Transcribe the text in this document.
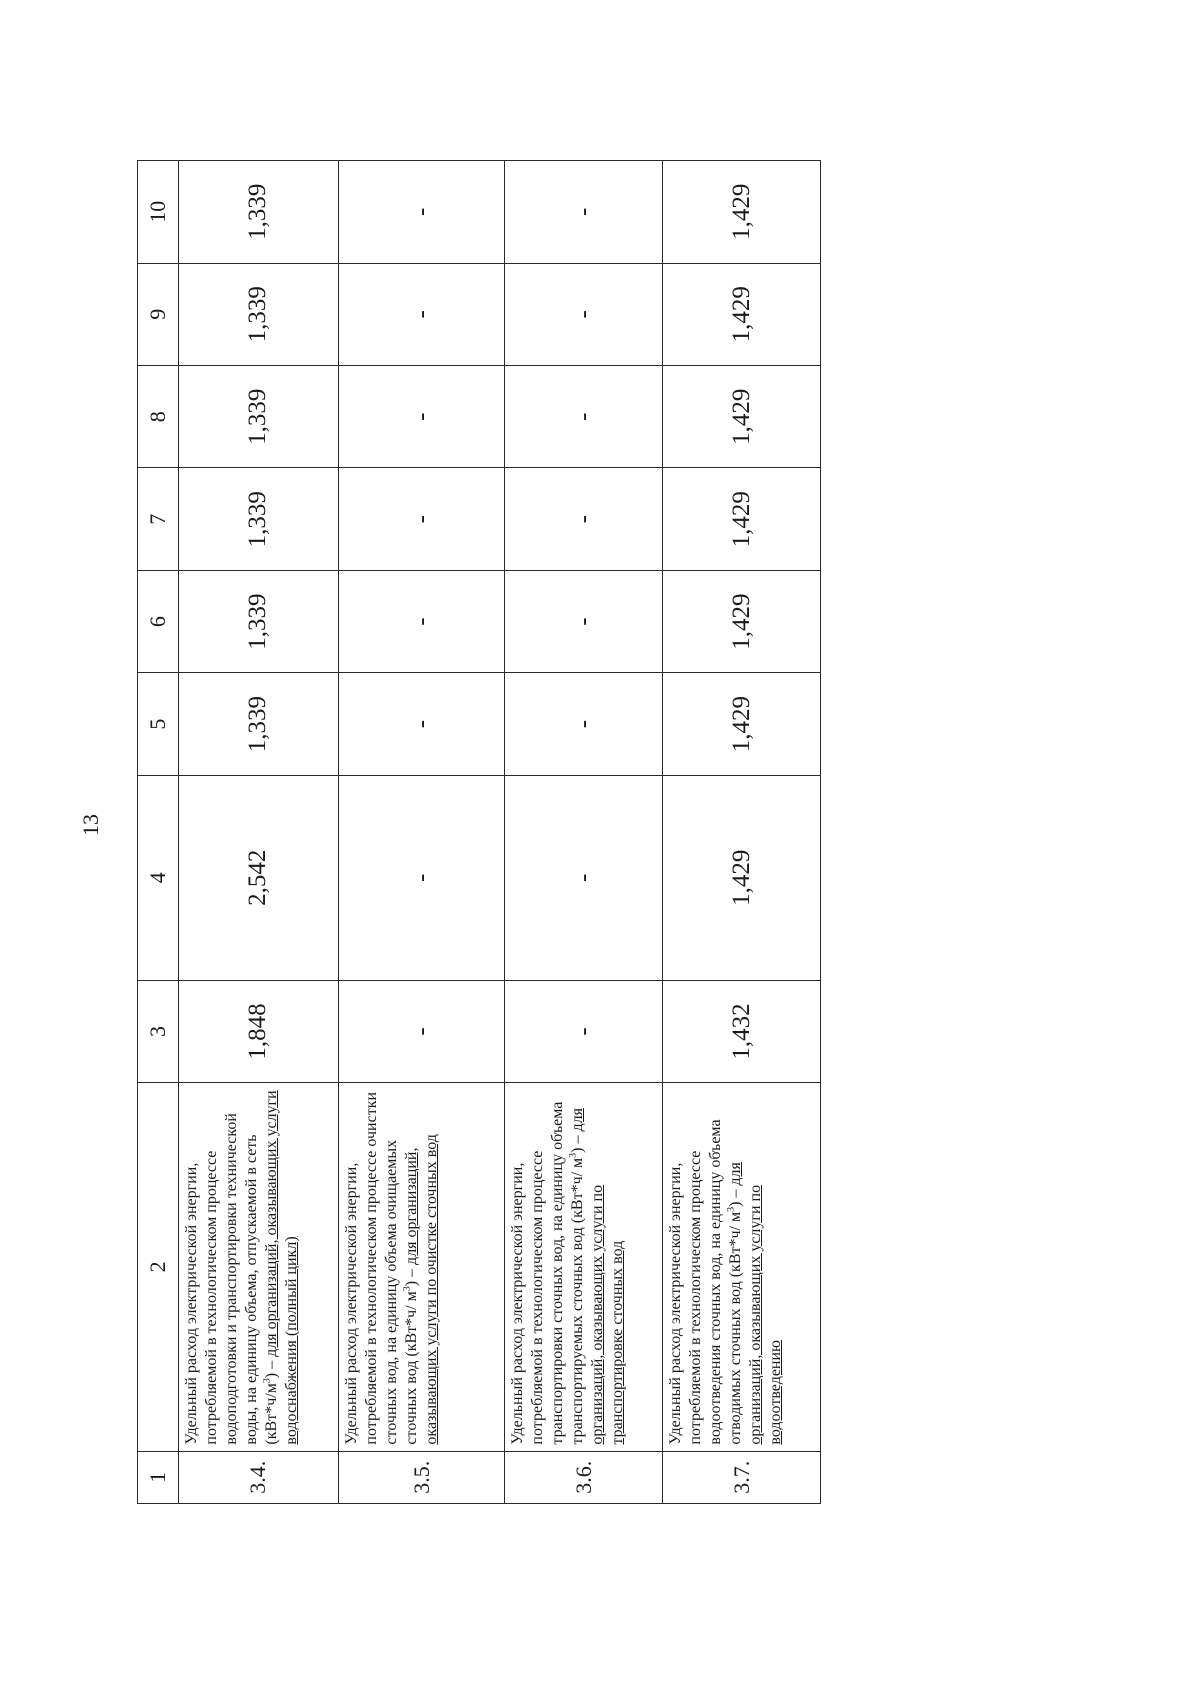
13
1	2	3	4	5	6	7	8	9	10
3.4.	Удельный расход электрической энергии, потребляемой в технологическом процессе водоподготовки и транспортировки технической воды, на единицу объема, отпускаемой в сеть $(кВт*ч/м^3)$ – для организаций, оказывающих услуги водоснабжения (полный цикл)	1,848	2,542	1,339	1,339	1,339	1,339	1,339	1,339
3.5.	Удельный расход электрической энергии, потребляемой в технологическом процессе очистки сточных вод, на единицу объема очищаемых сточных вод (кВт*ч/ $м^3$) – для организаций, оказывающих услуги по очистке сточных вод	-	-	-	-	-	-	-	-
3.6.	Удельный расход электрической энергии, потребляемой в технологическом процессе транспортировки сточных вод, на единицу объема транспортируемых сточных вод (кВт*ч/ $м^3$) – для организаций, оказывающих услуги по транспортировке сточных вод	-	-	-	-	-	-	-	-
3.7.	Удельный расход электрической энергии, потребляемой в технологическом процессе водоотведения сточных вод, на единицу объема отводимых сточных вод (кВт*ч/ $м^3$) – для организаций, оказывающих услуги по водоотведению	1,432	1,429	1,429	1,429	1,429	1,429	1,429	1,429
